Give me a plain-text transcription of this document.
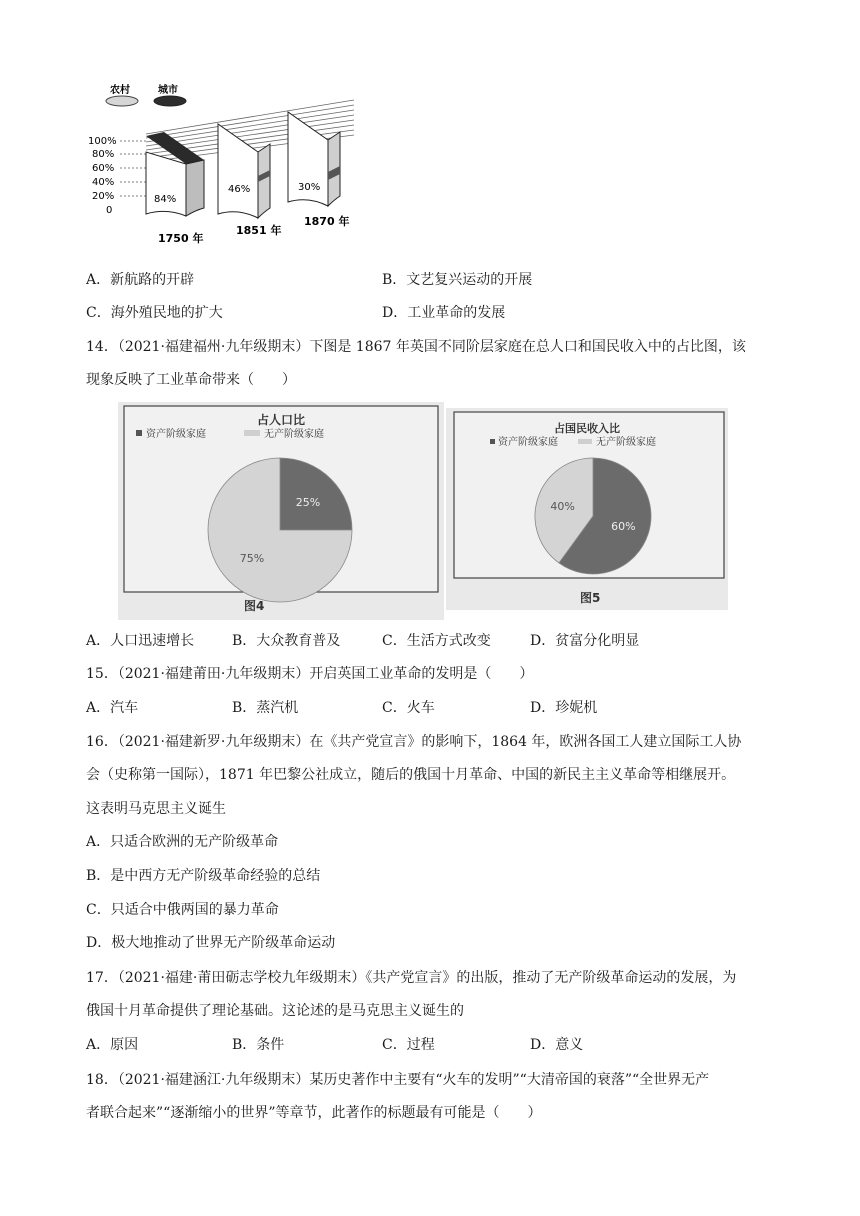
农村	城市
100%
80%
60%
40%
20%
0
84%
1750 年
46%
1851 年
30%
1870 年
A．新航路的开辟	B．文艺复兴运动的开展
C．海外殖民地的扩大	D．工业革命的发展
14．（2021·福建福州·九年级期末）下图是 1867 年英国不同阶层家庭在总人口和国民收入中的占比图，该
现象反映了工业革命带来（　　）
占人口比
资产阶级家庭	无产阶级家庭
25%
75%
图4
占国民收入比
资产阶级家庭	无产阶级家庭
60%
40%
图5
A．人口迅速增长	B．大众教育普及	C．生活方式改变	D．贫富分化明显
15．（2021·福建莆田·九年级期末）开启英国工业革命的发明是（　　）
A．汽车	B．蒸汽机	C．火车	D．珍妮机
16．（2021·福建新罗·九年级期末）在《共产党宣言》的影响下，1864 年，欧洲各国工人建立国际工人协
会（史称第一国际），1871 年巴黎公社成立，随后的俄国十月革命、中国的新民主主义革命等相继展开。
这表明马克思主义诞生
A．只适合欧洲的无产阶级革命
B．是中西方无产阶级革命经验的总结
C．只适合中俄两国的暴力革命
D．极大地推动了世界无产阶级革命运动
17．（2021·福建·莆田砺志学校九年级期末）《共产党宣言》的出版，推动了无产阶级革命运动的发展，为
俄国十月革命提供了理论基础。这论述的是马克思主义诞生的
A．原因	B．条件	C．过程	D．意义
18．（2021·福建涵江·九年级期末）某历史著作中主要有“火车的发明”“大清帝国的衰落”“全世界无产
者联合起来”“逐渐缩小的世界”等章节，此著作的标题最有可能是（　　）
